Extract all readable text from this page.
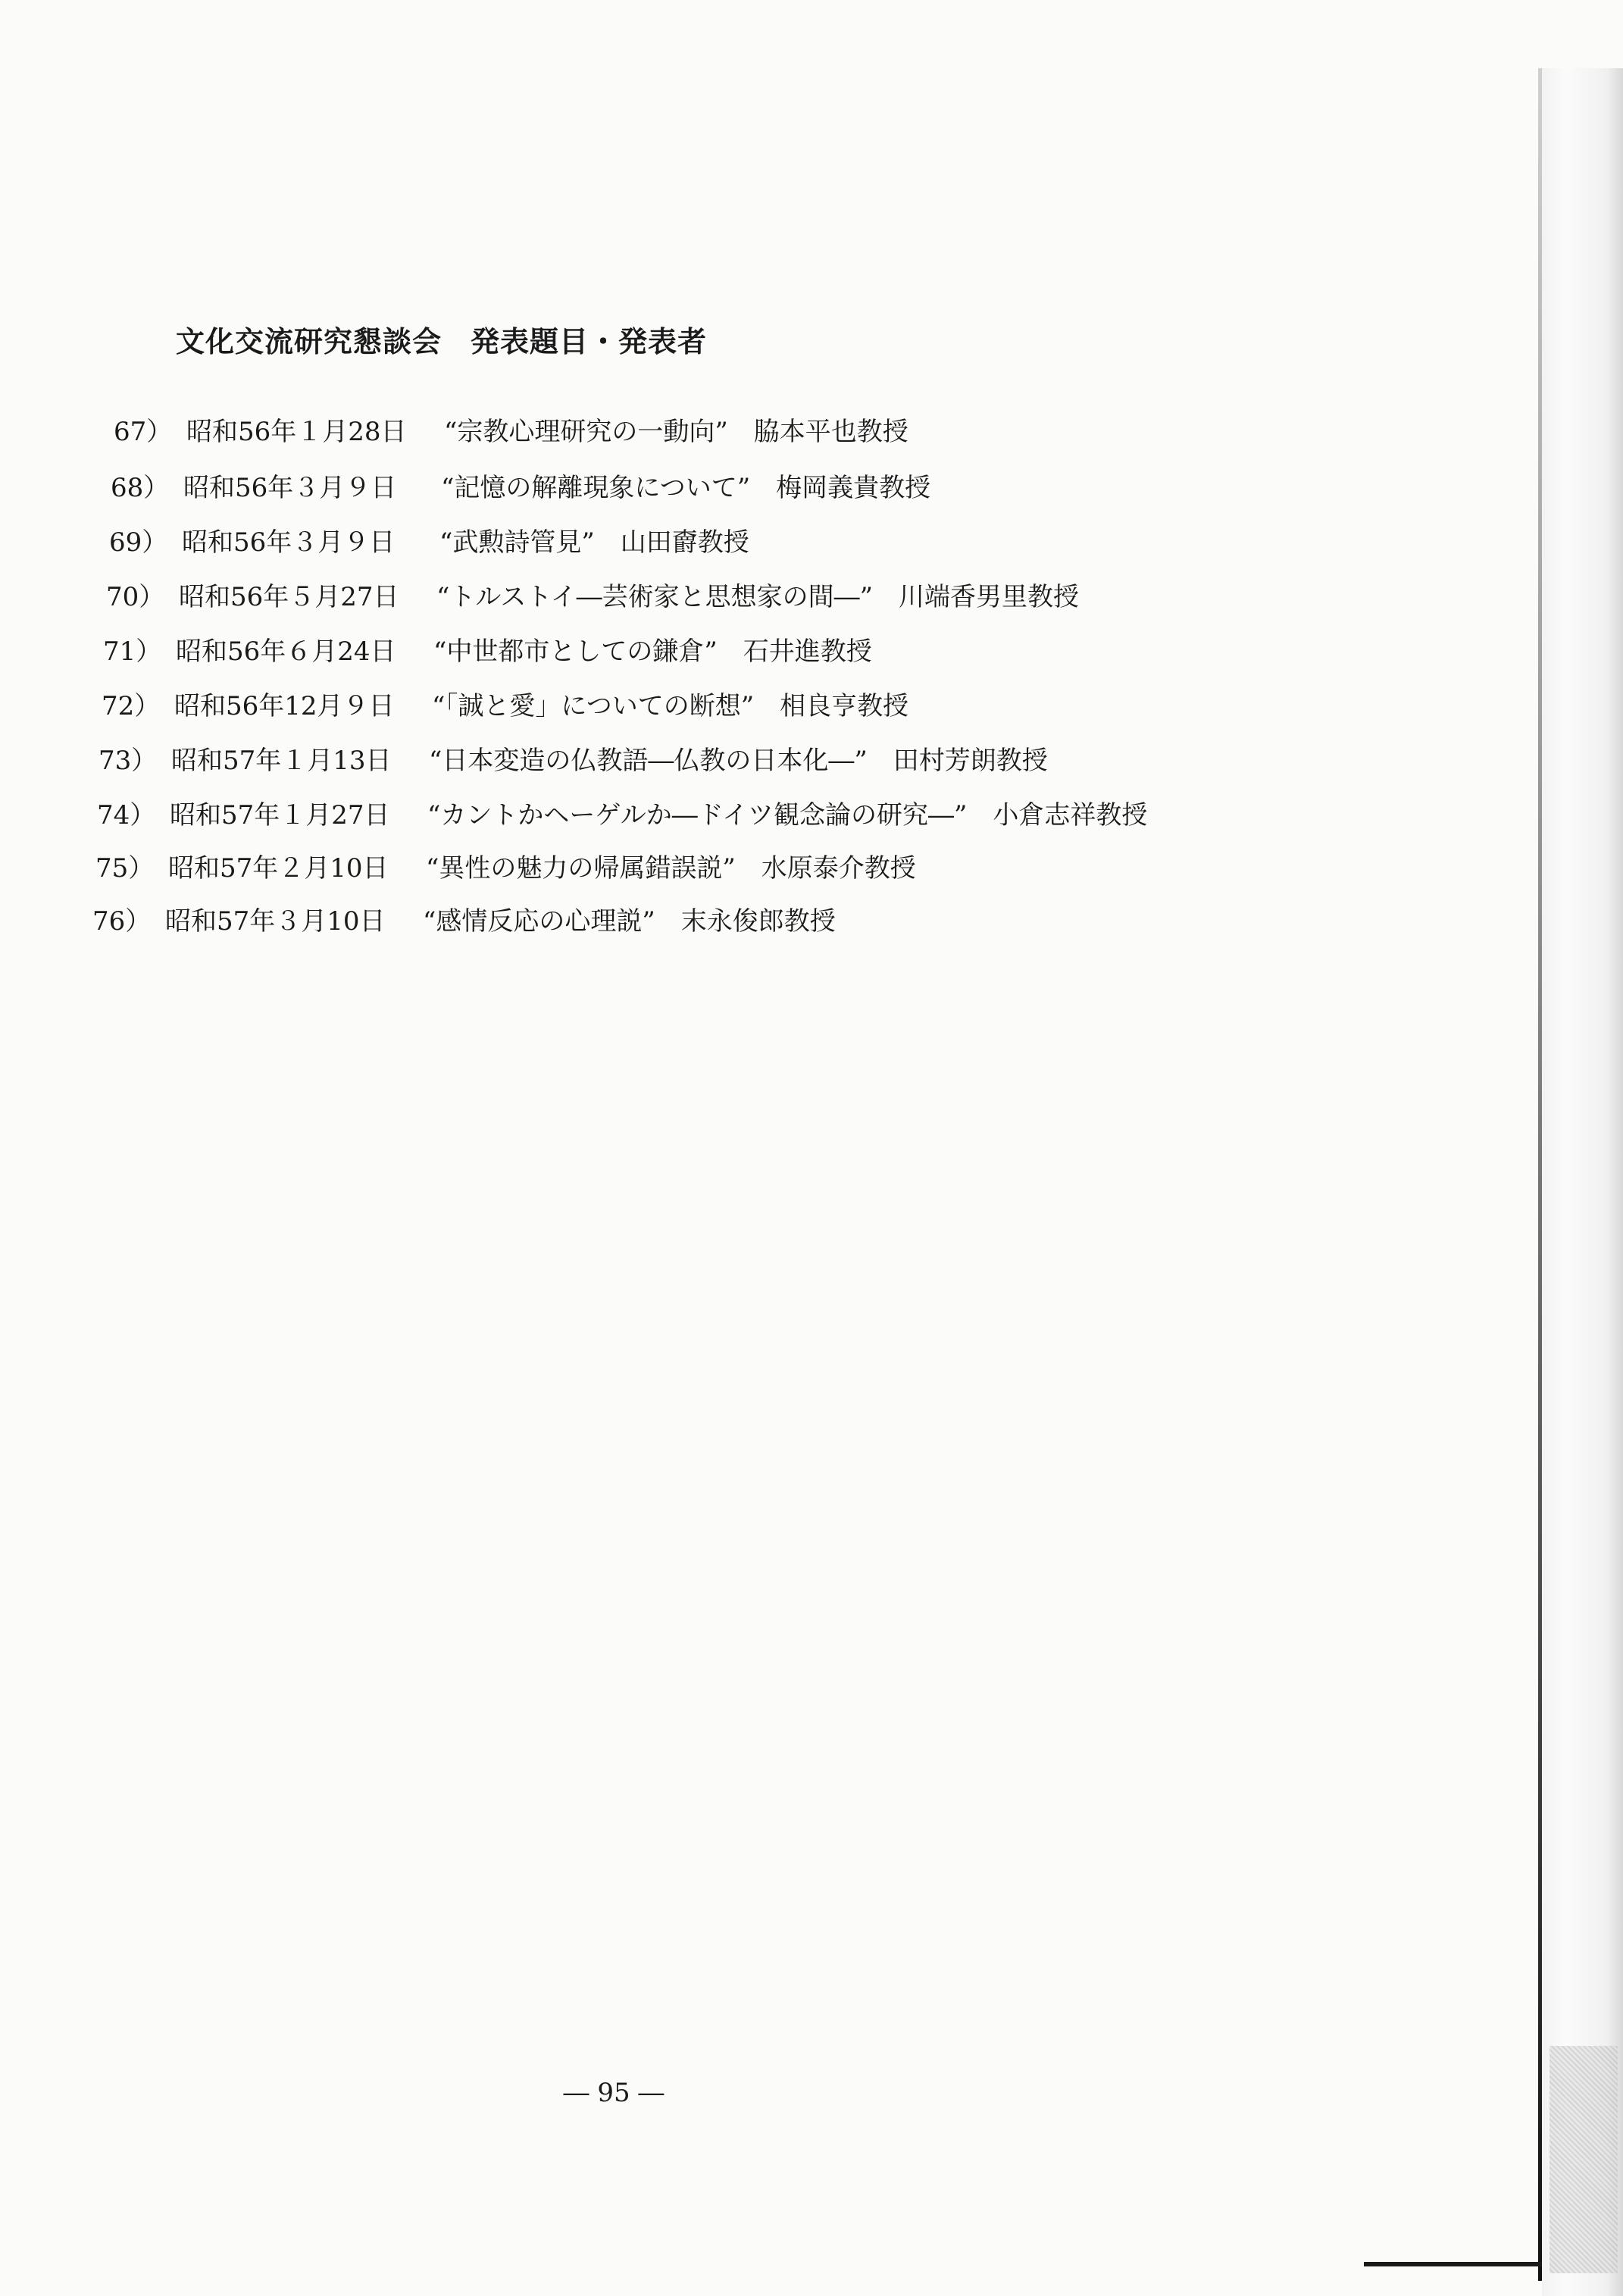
文化交流研究懇談会 発表題目・発表者
67） 昭和56年１月28日 “宗教心理研究の一動向” 脇本平也教授
68） 昭和56年３月９日 “記憶の解離現象について” 梅岡義貴教授
69） 昭和56年３月９日 “武勲詩管見” 山田𣝣教授
70） 昭和56年５月27日 “トルストイ―芸術家と思想家の間―” 川端香男里教授
71） 昭和56年６月24日 “中世都市としての鎌倉” 石井進教授
72） 昭和56年12月９日 “「誠と愛」についての断想” 相良亨教授
73） 昭和57年１月13日 “日本変造の仏教語―仏教の日本化―” 田村芳朗教授
74） 昭和57年１月27日 “カントかヘーゲルか―ドイツ観念論の研究―” 小倉志祥教授
75） 昭和57年２月10日 “異性の魅力の帰属錯誤説” 水原泰介教授
76） 昭和57年３月10日 “感情反応の心理説” 末永俊郎教授
― 95 ―
